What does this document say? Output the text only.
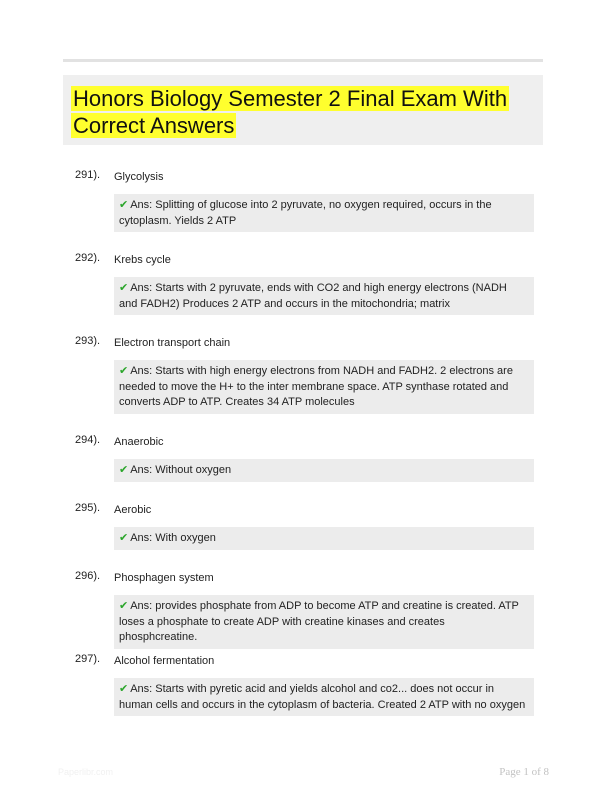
Honors Biology Semester 2 Final Exam With
Correct Answers
291). Glycolysis
✔ Ans: Splitting of glucose into 2 pyruvate, no oxygen required, occurs in the cytoplasm. Yields 2 ATP
292). Krebs cycle
✔ Ans: Starts with 2 pyruvate, ends with CO2 and high energy electrons (NADH and FADH2) Produces 2 ATP and occurs in the mitochondria; matrix
293). Electron transport chain
✔ Ans: Starts with high energy electrons from NADH and FADH2. 2 electrons are needed to move the H+ to the inter membrane space. ATP synthase rotated and converts ADP to ATP. Creates 34 ATP molecules
294). Anaerobic
✔ Ans: Without oxygen
295). Aerobic
✔ Ans: With oxygen
296). Phosphagen system
✔ Ans: provides phosphate from ADP to become ATP and creatine is created. ATP loses a phosphate to create ADP with creatine kinases and creates phosphcreatine.
297). Alcohol fermentation
✔ Ans: Starts with pyretic acid and yields alcohol and co2... does not occur in human cells and occurs in the cytoplasm of bacteria. Created 2 ATP with no oxygen
Paperlibr.com	Page 1 of 8
